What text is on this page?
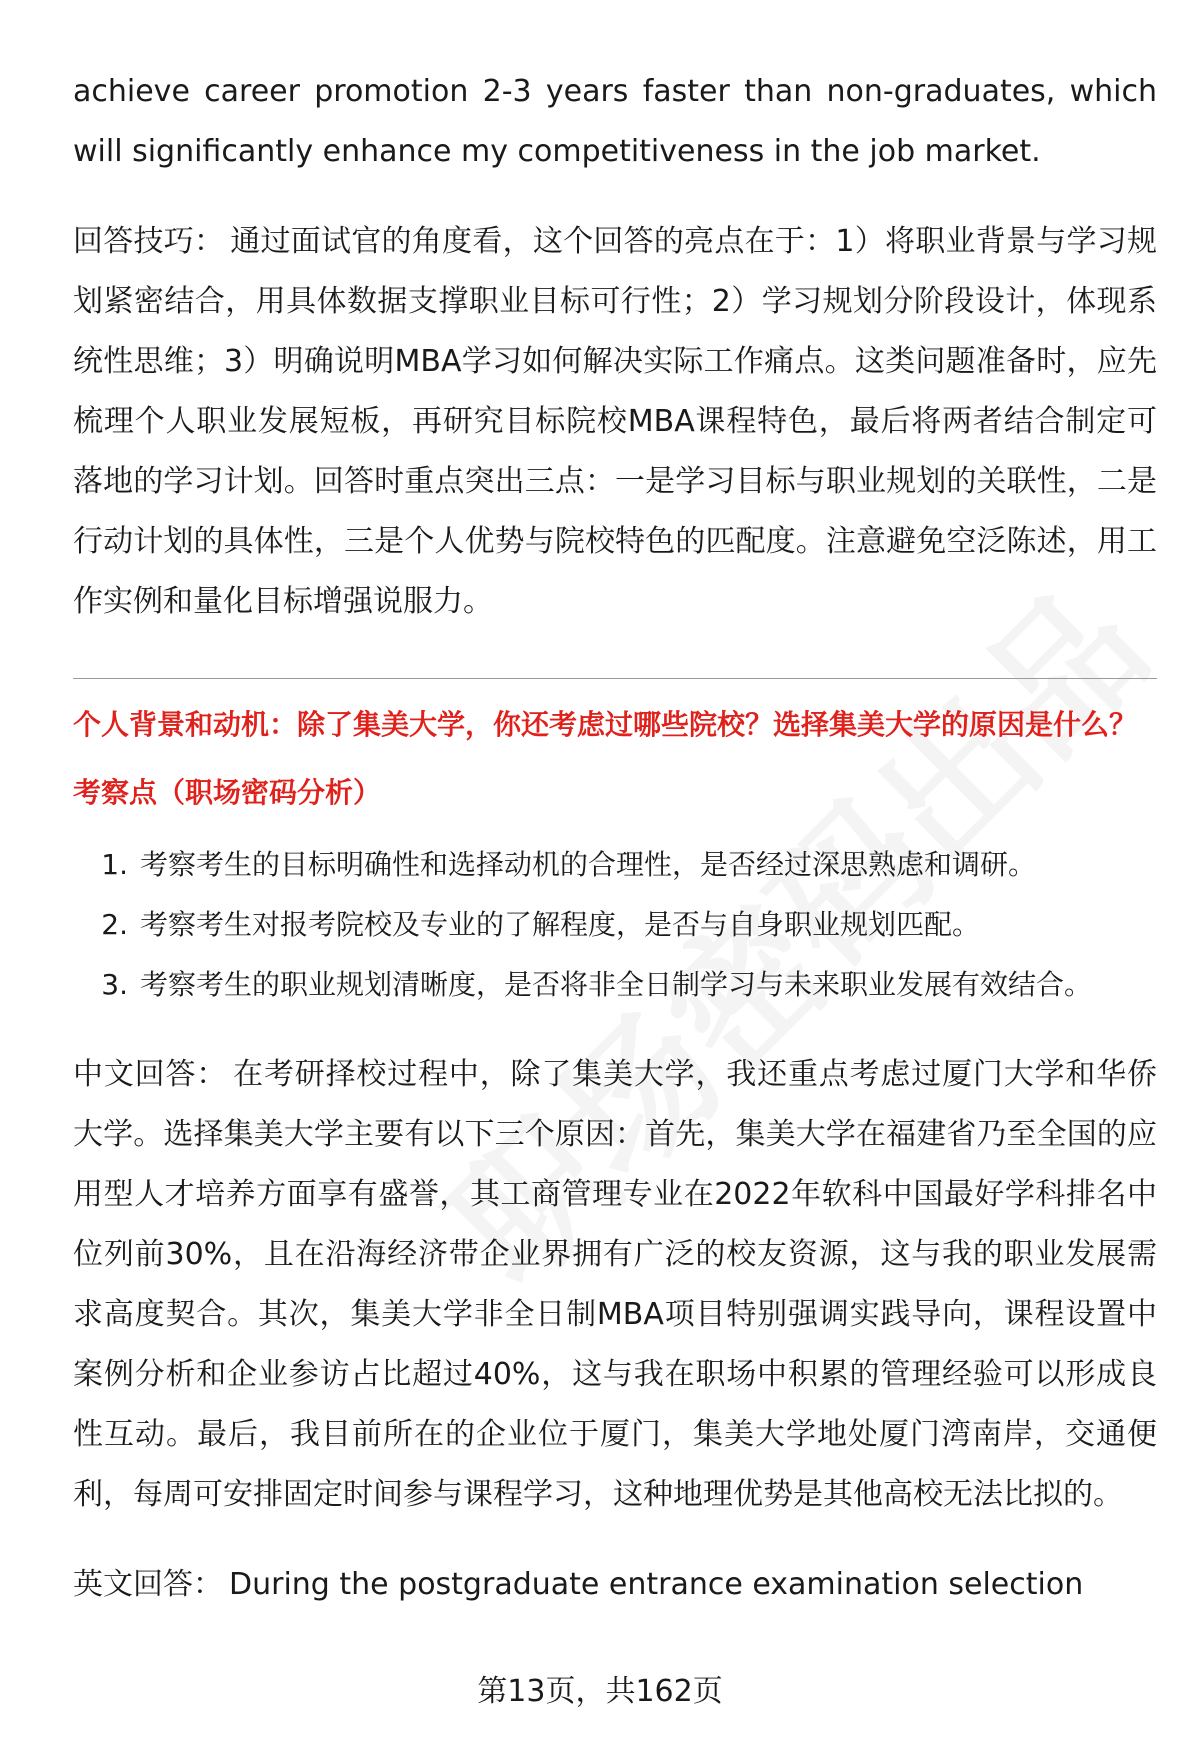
achieve career promotion 2-3 years faster than non-graduates, which will significantly enhance my competitiveness in the job market.

回答技巧： 通过面试官的角度看，这个回答的亮点在于：1）将职业背景与学习规划紧密结合，用具体数据支撑职业目标可行性；2）学习规划分阶段设计，体现系统性思维；3）明确说明MBA学习如何解决实际工作痛点。这类问题准备时，应先梳理个人职业发展短板，再研究目标院校MBA课程特色，最后将两者结合制定可落地的学习计划。回答时重点突出三点：一是学习目标与职业规划的关联性，二是行动计划的具体性，三是个人优势与院校特色的匹配度。注意避免空泛陈述，用工作实例和量化目标增强说服力。

个人背景和动机：除了集美大学，你还考虑过哪些院校？选择集美大学的原因是什么？

考察点（职场密码分析）

1. 考察考生的目标明确性和选择动机的合理性，是否经过深思熟虑和调研。
2. 考察考生对报考院校及专业的了解程度，是否与自身职业规划匹配。
3. 考察考生的职业规划清晰度，是否将非全日制学习与未来职业发展有效结合。

中文回答： 在考研择校过程中，除了集美大学，我还重点考虑过厦门大学和华侨大学。选择集美大学主要有以下三个原因：首先，集美大学在福建省乃至全国的应用型人才培养方面享有盛誉，其工商管理专业在2022年软科中国最好学科排名中位列前30%，且在沿海经济带企业界拥有广泛的校友资源，这与我的职业发展需求高度契合。其次，集美大学非全日制MBA项目特别强调实践导向，课程设置中案例分析和企业参访占比超过40%，这与我在职场中积累的管理经验可以形成良性互动。最后，我目前所在的企业位于厦门，集美大学地处厦门湾南岸，交通便利，每周可安排固定时间参与课程学习，这种地理优势是其他高校无法比拟的。

英文回答： During the postgraduate entrance examination selection

第13页，共162页
